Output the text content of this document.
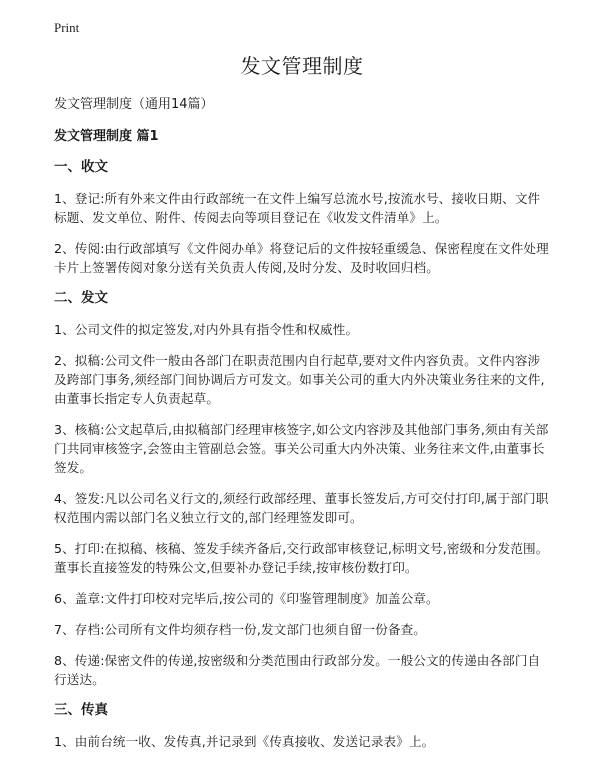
Print
发文管理制度
发文管理制度（通用14篇）
发文管理制度 篇1
一、收文

1、登记:所有外来文件由行政部统一在文件上编写总流水号,按流水号、接收日期、文件标题、发文单位、附件、传阅去向等项目登记在《收发文件清单》上。

2、传阅:由行政部填写《文件阅办单》将登记后的文件按轻重缓急、保密程度在文件处理卡片上签署传阅对象分送有关负责人传阅,及时分发、及时收回归档。

二、发文

1、公司文件的拟定签发,对内外具有指令性和权威性。

2、拟稿:公司文件一般由各部门在职责范围内自行起草,要对文件内容负责。文件内容涉及跨部门事务,须经部门间协调后方可发文。如事关公司的重大内外决策业务往来的文件,由董事长指定专人负责起草。

3、核稿:公文起草后,由拟稿部门经理审核签字,如公文内容涉及其他部门事务,须由有关部门共同审核签字,会签由主管副总会签。事关公司重大内外决策、业务往来文件,由董事长签发。

4、签发:凡以公司名义行文的,须经行政部经理、董事长签发后,方可交付打印,属于部门职权范围内需以部门名义独立行文的,部门经理签发即可。

5、打印:在拟稿、核稿、签发手续齐备后,交行政部审核登记,标明文号,密级和分发范围。董事长直接签发的特殊公文,但要补办登记手续,按审核份数打印。

6、盖章:文件打印校对完毕后,按公司的《印鉴管理制度》加盖公章。

7、存档:公司所有文件均须存档一份,发文部门也须自留一份备查。

8、传递:保密文件的传递,按密级和分类范围由行政部分发。一般公文的传递由各部门自行送达。

三、传真

1、由前台统一收、发传真,并记录到《传真接收、发送记录表》上。
